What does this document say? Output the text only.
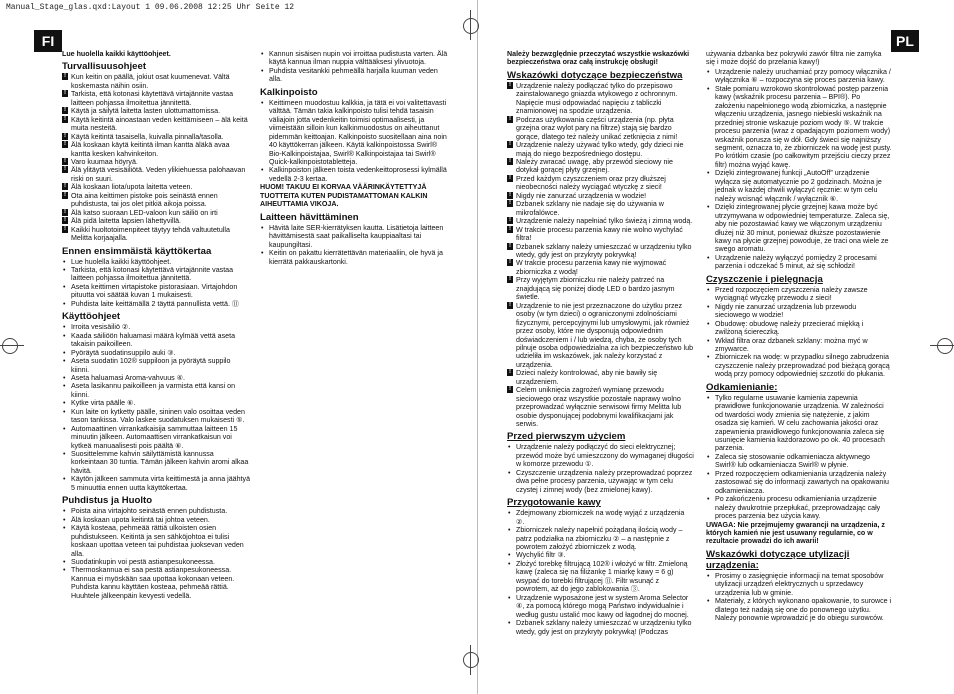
Manual_Stage_glas.qxd:Layout 1 09.06.2008 12:25 Uhr Seite 12
FI	PL

Lue huolella kaikki käyttöohjeet.

Turvallisuusohjeet
! Kun keitin on päällä, jokiut osat kuumenevat. Vältä koskemasta näihin osiin.
! Tarkista, että kotonasi käytettävä virtajännite vastaa laitteen pohjassa ilmoitettua jännitettä.
! Käytä ja säilytä laitetta lasten ulottumattomissa.
! Käytä keitintä ainoastaan veden keittämiseen – älä keitä muita nesteitä.
! Käytä keitintä tasaisella, kuivalla pinnalla/tasolla.
! Älä koskaan käytä keitintä ilman kantta äläkä avaa kantta kesken kahvinkeiton.
! Varo kuumaa höyryä.
! Älä ylitäytä vesisäiliötä. Veden ylikiehuessa palohaavan riski on suuri.
! Älä koskaan liota/upota laitetta veteen.
! Ota aina keittimen pistoke pois seinästä ennen puhdistusta, tai jos olet pitkiä aikoja poissa.
! Älä katso suoraan LED-valoon kun säiliö on irti
! Älä pidä laitetta lapsien lähettyvillä.
! Kaikki huoltotoimenpiteet täytyy tehdä valtuutetulla Melitta korjaajalla.
Ennen ensimmäistä käyttökertaa
• Lue huolella kaikki käyttöohjeet.
• Tarkista, että kotonasi käytettävä virtajännite vastaa laitteen pohjassa ilmoitettua jännitettä.
• Aseta keittimen virtapistoke pistorasiaan. Virtajohdon pituutta voi säätää kuvan 1 mukaisesti.
• Puhdista laite keittämällä 2 täyttä pannullista vettä. ⑪
Käyttöohjeet
• Irroita vesisäiliö ②.
• Kaada säiliöön haluamasi määrä kylmää vettä aseta takaisin paikoilleen.
• Pyöräytä suodatinsuppilo auki ③.
• Aseta suodatin 102® suppiloon ja pyöräytä suppilo kiinni.
• Aseta haluamasi Aroma-vahvuus ④.
• Aseta lasikannu paikoilleen ja varmista että kansi on kiinni.
• Kytke virta päälle ⑥.
• Kun laite on kytketty päälle, sininen valo osoittaa veden tason tankissa. Valo laskee suodatuksen mukaisesti ⑤.
• Automaattinen virrankatkaisija sammuttaa laitteen 15 minuutin jälkeen. Automaattisen virrankatkaisun voi kytkeä manuaalisesti pois päältä ⑥.
• Suosittelemme kahvin säilyttämistä kannussa korkeintaan 30 tuntia. Tämän jälkeen kahvin aromi alkaa hävitä.
• Käytön jälkeen sammuta virta keittimestä ja anna jäähtyä 5 minuuttia ennen uutta käyttökertaa.
Puhdistus ja Huolto
• Poista aina virtajohto seinästä ennen puhdistusta.
• Älä koskaan upota keitintä tai johtoa veteen.
• Käytä kosteaa, pehmeää rättiä ulkoisten osien puhdistukseen. Keitintä ja sen sähköjohtoa ei tulisi koskaan upottaa veteen tai puhdistaa juoksevan veden alla.
• Suodatinkupin voi pestä astianpesukoneessa.
• Thermoskannua ei saa pestä astianpesukoneessa. Kannua ei myöskään saa upottaa kokonaan veteen. Puhdista kannu käyttäen kosteaa, pehmeää rättiä. Huuhtele jälkeenpäin kevyesti vedellä.
• Kannun sisäisen nupin voi irroittaa pudistusta varten. Älä käytä kannua ilman nuppia välttääksesi ylivuotoja.
• Puhdista vesitankki pehmeällä harjalla kuuman veden alla.
Kalkinpoisto
• Keittimeen muodostuu kalkkia, ja tätä ei voi valitettavasti välttää. Tämän takia kalkinpoisto tulisi tehdä tasaisin väliajoin jotta vedenkeitin toimisi optimaalisesti, ja viimeistään silloin kun kalkinmuodostus on aiheuttanut pidemmän keittoajan. Kalkinpoisto suositellaan aina noin 40 käyttökerran jälkeen. Käytä kalkinpoistossa Swirl® Bio-Kalkinpoistajaa, Swirl® Kalkinpoistajaa tai Swirl® Quick-kalkinpoistotablettejа.
• Kalkinpoiston jälkeen toista vedenkeittoprosessi kylmällä vedellä 2-3 kertaa.

HUOM! TAKUU EI KORVAA VÄÄRINKÄYTETTYJÄ TUOTTEITA KUTEN PUDISTAMATTOMAN KALKIN AIHEUTTAMIA VIKOJA.

Laitteen hävittäminen
• Hävitä laite SER-kierrätyksen kautta. Lisätietoja laitteen hävittämisestä saat paikalliselta kauppiaaltasi tai kaupungiltasi.
• Keitin on pakattu kierrätettävän materiaaliin, ole hyvä ja kierrätä pakkauskartonki.

Należy bezwzględnie przeczytać wszystkie wskazówki bezpieczeństwa oraz całą instrukcję obsługi!

Wskazówki dotyczące bezpieczeństwa
! Urządzenie należy podłączać tylko do przepisowo zainstalowanego gniazda wtykowego z ochronnym. Napięcie musi odpowiadać napięciu z tabliczki znamionowej na spodzie urządzenia.
! Podczas użytkowania części urządzenia (np. płyta grzejna oraz wylot pary na filtrze) stają się bardzo gorące, dlatego też należy unikać zetknięcia z nimi!
! Urządzenie należy używać tylko wtedy, gdy dzieci nie mają do niego bezpośredniego dostępu.
! Należy zwracać uwagę, aby przewód sieciowy nie dotykał gorącej płyty grzejnej.
! Przed każdym czyszczeniem oraz przy dłuższej nieobecności należy wyciągać wtyczkę z sieci!
! Nigdy nie zanurzać urządzenia w wodzie!
! Dzbanek szklany nie nadaje się do używania w mikrofalówce.
! Urządzenie należy napełniać tylko świeżą i zimną wodą.
! W trakcie procesu parzenia kawy nie wolno wychylać filtra!
! Dzbanek szklany należy umieszczać w urządzeniu tylko wtedy, gdy jest on przykryty pokrywką!
! W trakcie procesu parzenia kawy nie wyjmować zbiorniczka z wodą!
! Przy wyjętym zbiorniczku nie należy patrzeć na znajdującą się poniżej diodę LED o bardzo jasnym świetle.
! Urządzenie to nie jest przeznaczone do użytku przez osoby (w tym dzieci) o ograniczonymi zdolnościami fizycznymi, percepcyjnymi lub umysłowymi, jak również przez osoby, które nie dysponują odpowiednim doświadczeniem i / lub wiedzą, chyba, że osoby tych pilnuje osoba odpowiedzialna za ich bezpieczeństwo lub udzieliła im wskazówek, jak należy korzystać z urządzenia.
! Dzieci należy kontrolować, aby nie bawiły się urządzeniem.
! Celem uniknięcia zagrożeń wymianę przewodu sieciowego oraz wszystkie pozostałe naprawy wolno przeprowadzać wyłącznie serwisowi firmy Melitta lub osobie dysponującej podobnymi kwalifikacjami jak serwis.
Przed pierwszym użyciem
• Urządzenie należy podłączyć do sieci elektrycznej; przewód może być umieszczony do wymaganej długości w komorze przewodu ①.
• Czyszczenie urządzenia należy przeprowadzać poprzez dwa pełne procesy parzenia, używając w tym celu czystej i zimnej wody (bez zmielonej kawy).
Przygotowanie kawy
• Zdejmowany zbiorniczek na wodę wyjąć z urządzenia ②.
• Zbiorniczek należy napełnić pożądaną ilością wody – patrz podziałka na zbiorniczku ② – a następnie z powrotem założyć zbiorniczek z wodą.
• Wychylić filtr ③.
• Złożyć torebkę filtrującą 102® i włożyć w filtr. Zmieloną kawę (zaleca się na filiżankę 1 miarkę kawy = 6 g) wsypać do torebki filtrującej ⑪. Filtr wsunąć z powrotem, aż do jego zablokowania ③.
• Urządzenie wyposażone jest w system Aroma Selector ④, za pomocą którego mogą Państwo indywidualnie i według gustu ustalić moc kawy od łagodnej do mocnej.
• Dzbanek szklany należy umieszczać w urządzeniu tylko wtedy, gdy jest on przykryty pokrywką! (Podczas

używania dzbanka bez pokrywki zawór filtra nie zamyka się i może dojść do przelania kawy!)

• Urządzenie należy uruchamiać przy pomocy włącznika / wyłącznika ⑥ – rozpoczyna się proces parzenia kawy.
• Stałe pomiaru wzrokowo skontrolować postęp parzenia kawy (wskaźnik procesu parzenia – BPI®). Po założeniu napełnionego wodą zbiorniczka, a następnie włączeniu urządzenia, jasnego niebieski wskaźnik na przedniej stronie wskazuje poziom wody ⑤. W trakcie procesu parzenia (wraz z opadającym poziomem wody) wskaźnik porusza się w dół. Gdy świeci się najniższy segment, oznacza to, że zbiorniczek na wodę jest pusty. Po krótkim czasie (po całkowitym przejściu cieczy przez filtr) można wyjąć kawę.
• Dzięki zintegrowanej funkcji „AutoOff” urządzenie wyłącza się automatycznie po 2 godzinach. Można je jednak w każdej chwili wyłączyć ręcznie: w tym celu należy wcisnąć włącznik / wyłącznik ⑥.
• Dzięki zintegrowanej płycie grzejnej kawa może być utrzymywana w odpowiedniej temperaturze. Zaleca się, aby nie pozostawiać kawy we włączonym urządzeniu dłużej niż 30 minut, ponieważ dłuższe pozostawienie kawy na płycie grzejnej powoduje, że traci ona wiele ze swego aromatu.
• Urządzenie należy wyłączyć pomiędzy 2 procesami parzenia i odczekać 5 minut, aż się schłodzi!
Czyszczenie i pielęgnacja
• Przed rozpoczęciem czyszczenia należy zawsze wyciągnąć wtyczkę przewodu z sieci!
• Nigdy nie zanurzać urządzenia lub przewodu sieciowego w wodzie!
• Obudowę: obudowę należy przecierać miękką i zwilżoną ściereczką.
• Wkład filtra oraz dzbanek szklany: można myć w zmywarce.
• Zbiorniczek na wodę: w przypadku silnego zabrudzenia czyszczenie należy przeprowadzać pod bieżącą gorącą wodą przy pomocy odpowiedniej szczotki do płukania.
Odkamienianie:
• Tylko regularne usuwanie kamienia zapewnia prawidłowe funkcjonowanie urządzenia. W zależności od twardości wody zmienia się natężenie, z jakim osadza się kamień. W celu zachowania jakości oraz zapewnienia prawidłowego funkcjonowania zaleca się usunięcie kamienia każdorazowo po ok. 40 procesach parzenia.
• Zaleca się stosowanie odkamieniacza aktywnego Swirl® lub odkamieniacza Swirl® w płynie.
• Przed rozpoczęciem odkamieniania urządzenia należy zastosować się do informacji zawartych na opakowaniu odkamieniacza.
• Po zakończeniu procesu odkamieniania urządzenie należy dwukrotnie przepłukać, przeprowadzając cały proces parzenia bez użycia kawy.

UWAGA: Nie przejmujemy gwarancji na urządzenia, z których kamień nie jest usuwany regularnie, co w rezultacie prowadzi do ich awarii!

Wskazówki dotyczące utylizacji urządzenia:
• Prosimy o zasięgnięcie informacji na temat sposobów utylizacji urządzeń elektrycznych u sprzedawcy urządzenia lub w gminie.
• Materiały, z których wykonano opakowanie, to surowce i dlatego też nadają się one do ponownego użytku. Należy ponownie wprowadzić je do obiegu surowców.
